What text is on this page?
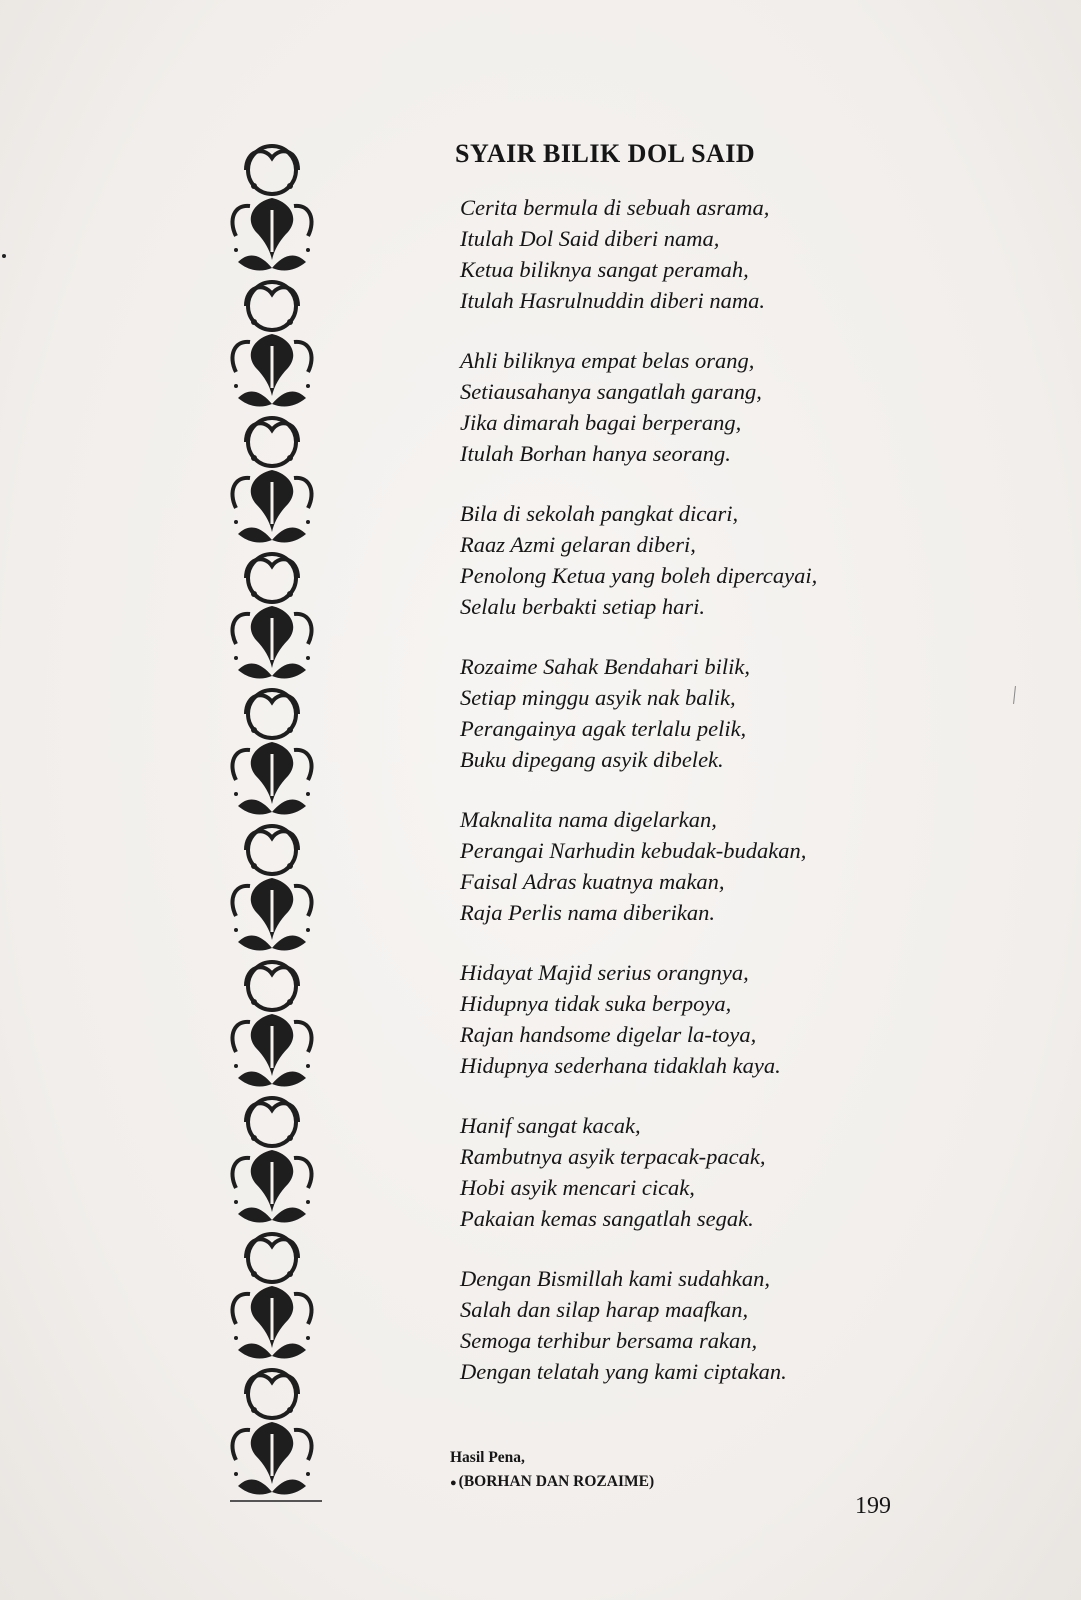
SYAIR BILIK DOL SAID
Cerita bermula di sebuah asrama,
Itulah Dol Said diberi nama,
Ketua biliknya sangat peramah,
Itulah Hasrulnuddin diberi nama.
Ahli biliknya empat belas orang,
Setiausahanya sangatlah garang,
Jika dimarah bagai berperang,
Itulah Borhan hanya seorang.
Bila di sekolah pangkat dicari,
Raaz Azmi gelaran diberi,
Penolong Ketua yang boleh dipercayai,
Selalu berbakti setiap hari.
Rozaime Sahak Bendahari bilik,
Setiap minggu asyik nak balik,
Perangainya agak terlalu pelik,
Buku dipegang asyik dibelek.
Maknalita nama digelarkan,
Perangai Narhudin kebudak-budakan,
Faisal Adras kuatnya makan,
Raja Perlis nama diberikan.
Hidayat Majid serius orangnya,
Hidupnya tidak suka berpoya,
Rajan handsome digelar la-toya,
Hidupnya sederhana tidaklah kaya.
Hanif sangat kacak,
Rambutnya asyik terpacak-pacak,
Hobi asyik mencari cicak,
Pakaian kemas sangatlah segak.
Dengan Bismillah kami sudahkan,
Salah dan silap harap maafkan,
Semoga terhibur bersama rakan,
Dengan telatah yang kami ciptakan.
Hasil Pena,
● (BORHAN DAN ROZAIME)
199
